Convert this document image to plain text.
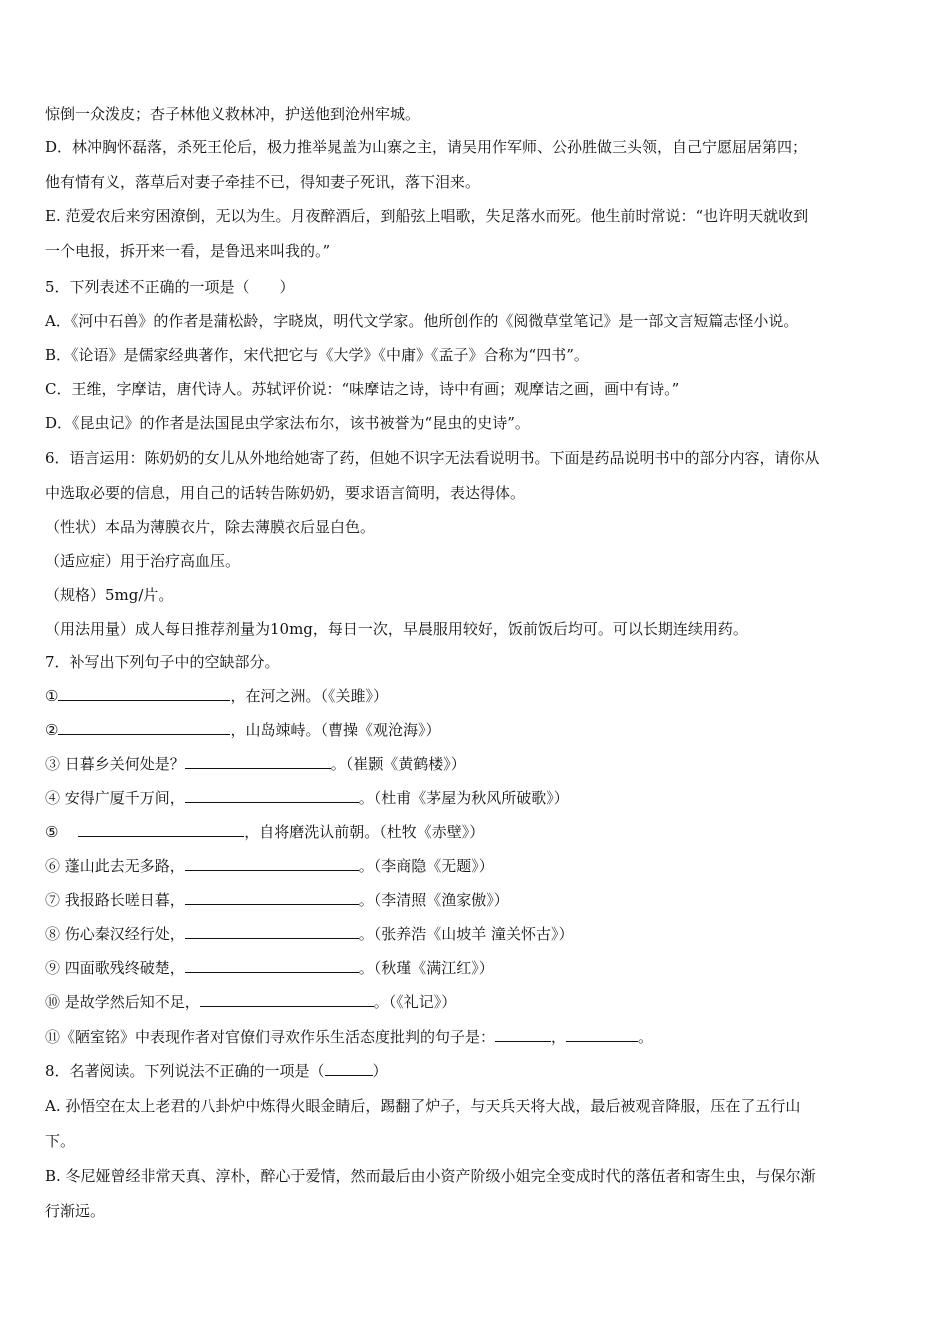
惊倒一众泼皮；杏子林他义救林冲，护送他到沧州牢城。
D．林冲胸怀磊落，杀死王伦后，极力推举晁盖为山寨之主，请吴用作军师、公孙胜做三头领，自己宁愿屈居第四；
他有情有义，落草后对妻子牵挂不已，得知妻子死讯，落下泪来。
E. 范爱农后来穷困潦倒，无以为生。月夜醉酒后，到船弦上唱歌，失足落水而死。他生前时常说：“也许明天就收到
一个电报，拆开来一看，是鲁迅来叫我的。”
5．下列表述不正确的一项是（　　）
A．《河中石兽》的作者是蒲松龄，字晓岚，明代文学家。他所创作的《阅微草堂笔记》是一部文言短篇志怪小说。
B．《论语》是儒家经典著作，宋代把它与《大学》《中庸》《孟子》合称为“四书”。
C．王维，字摩诘，唐代诗人。苏轼评价说：“味摩诘之诗，诗中有画；观摩诘之画，画中有诗。”
D．《昆虫记》的作者是法国昆虫学家法布尔，该书被誉为“昆虫的史诗”。
6．语言运用：陈奶奶的女儿从外地给她寄了药，但她不识字无法看说明书。下面是药品说明书中的部分内容，请你从
中选取必要的信息，用自己的话转告陈奶奶，要求语言简明，表达得体。
（性状）本品为薄膜衣片，除去薄膜衣后显白色。
（适应症）用于治疗高血压。
（规格）5mg/片。
（用法用量）成人每日推荐剂量为10mg，每日一次，早晨服用较好，饭前饭后均可。可以长期连续用药。
7．补写出下列句子中的空缺部分。
①	，在河之洲。（《关雎》）
②	，山岛竦峙。（曹操《观沧海》）
③ 日暮乡关何处是？	。（崔颢《黄鹤楼》）
④ 安得广厦千万间，	。（杜甫《茅屋为秋风所破歌》）
⑤　	，自将磨洗认前朝。（杜牧《赤壁》）
⑥ 蓬山此去无多路，	。（李商隐《无题》）
⑦ 我报路长嗟日暮，	。（李清照《渔家傲》）
⑧ 伤心秦汉经行处，	。（张养浩《山坡羊 潼关怀古》）
⑨ 四面歌残终破楚，	。（秋瑾《满江红》）
⑩ 是故学然后知不足，	。（《礼记》）
⑪《陋室铭》中表现作者对官僚们寻欢作乐生活态度批判的句子是：	，	。
8．名著阅读。下列说法不正确的一项是（	）
A. 孙悟空在太上老君的八卦炉中炼得火眼金睛后，踢翻了炉子，与天兵天将大战，最后被观音降服，压在了五行山
下。
B. 冬尼娅曾经非常天真、淳朴，醉心于爱情，然而最后由小资产阶级小姐完全变成时代的落伍者和寄生虫，与保尔渐
行渐远。
